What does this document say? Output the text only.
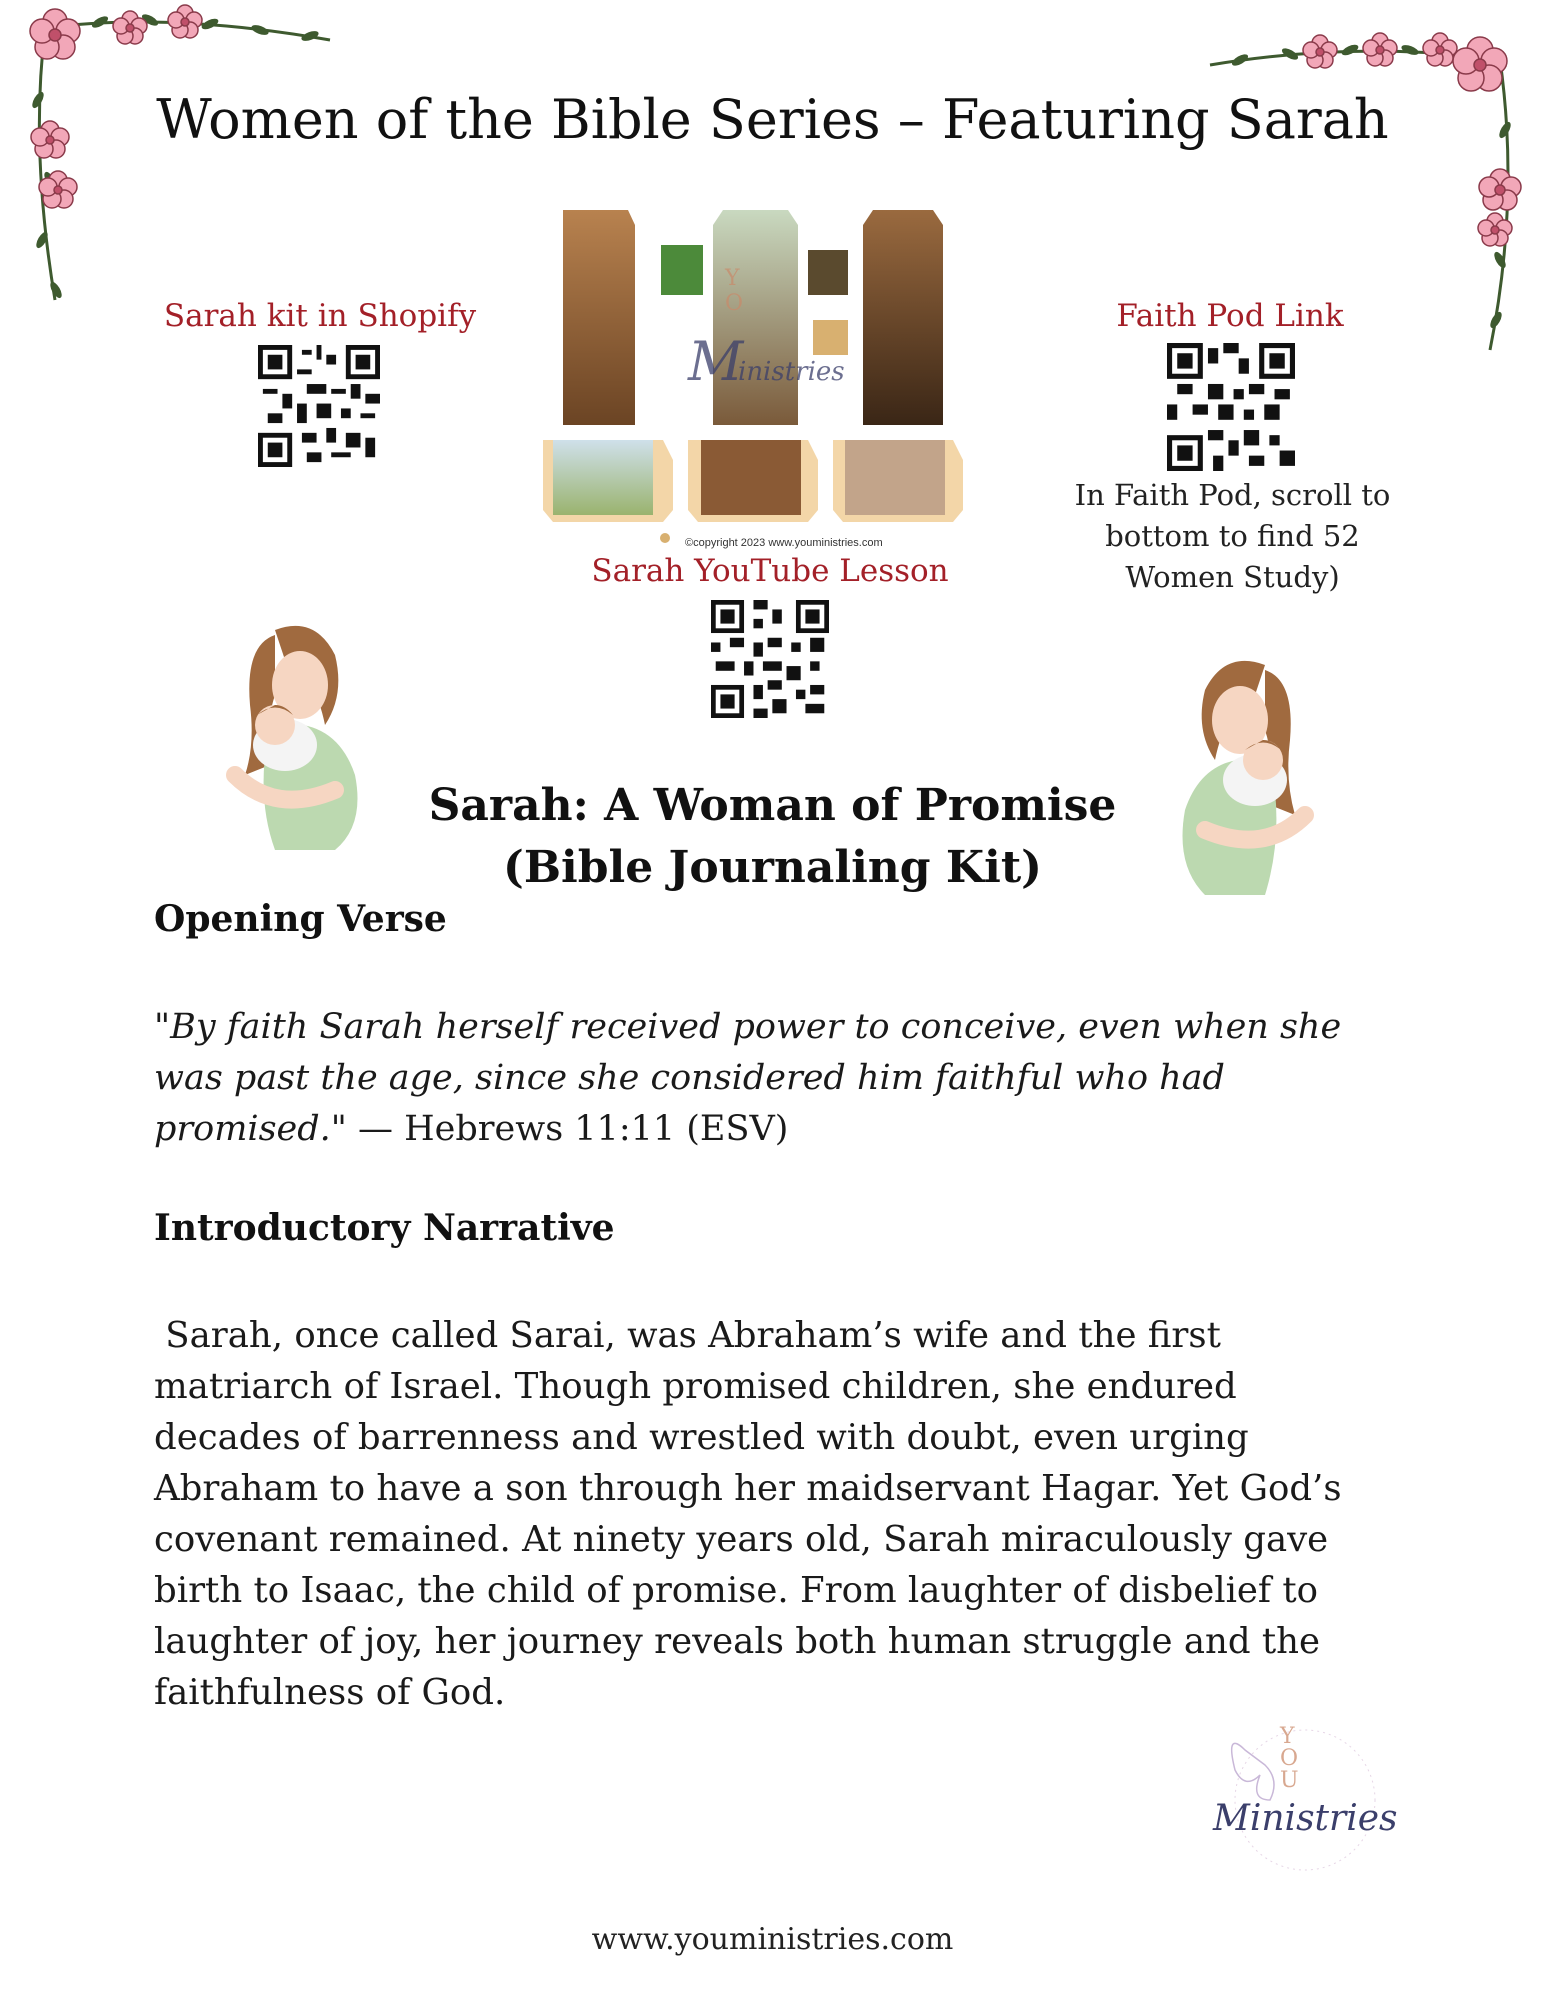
Women of the Bible Series – Featuring Sarah
Sarah kit in Shopify
M
inistries
Y
O
©copyright 2023 www.youministries.com
Sarah YouTube Lesson
Faith Pod Link
In Faith Pod, scroll to bottom to find 52 Women Study)
Sarah: A Woman of Promise
(Bible Journaling Kit)
Opening Verse
"By faith Sarah herself received power to conceive, even when she was past the age, since she considered him faithful who had promised." — Hebrews 11:11 (ESV)
Introductory Narrative
Sarah, once called Sarai, was Abraham’s wife and the first matriarch of Israel. Though promised children, she endured decades of barrenness and wrestled with doubt, even urging Abraham to have a son through her maidservant Hagar. Yet God’s covenant remained. At ninety years old, Sarah miraculously gave birth to Isaac, the child of promise. From laughter of disbelief to laughter of joy, her journey reveals both human struggle and the faithfulness of God.
YOU
Ministries
www.youministries.com
